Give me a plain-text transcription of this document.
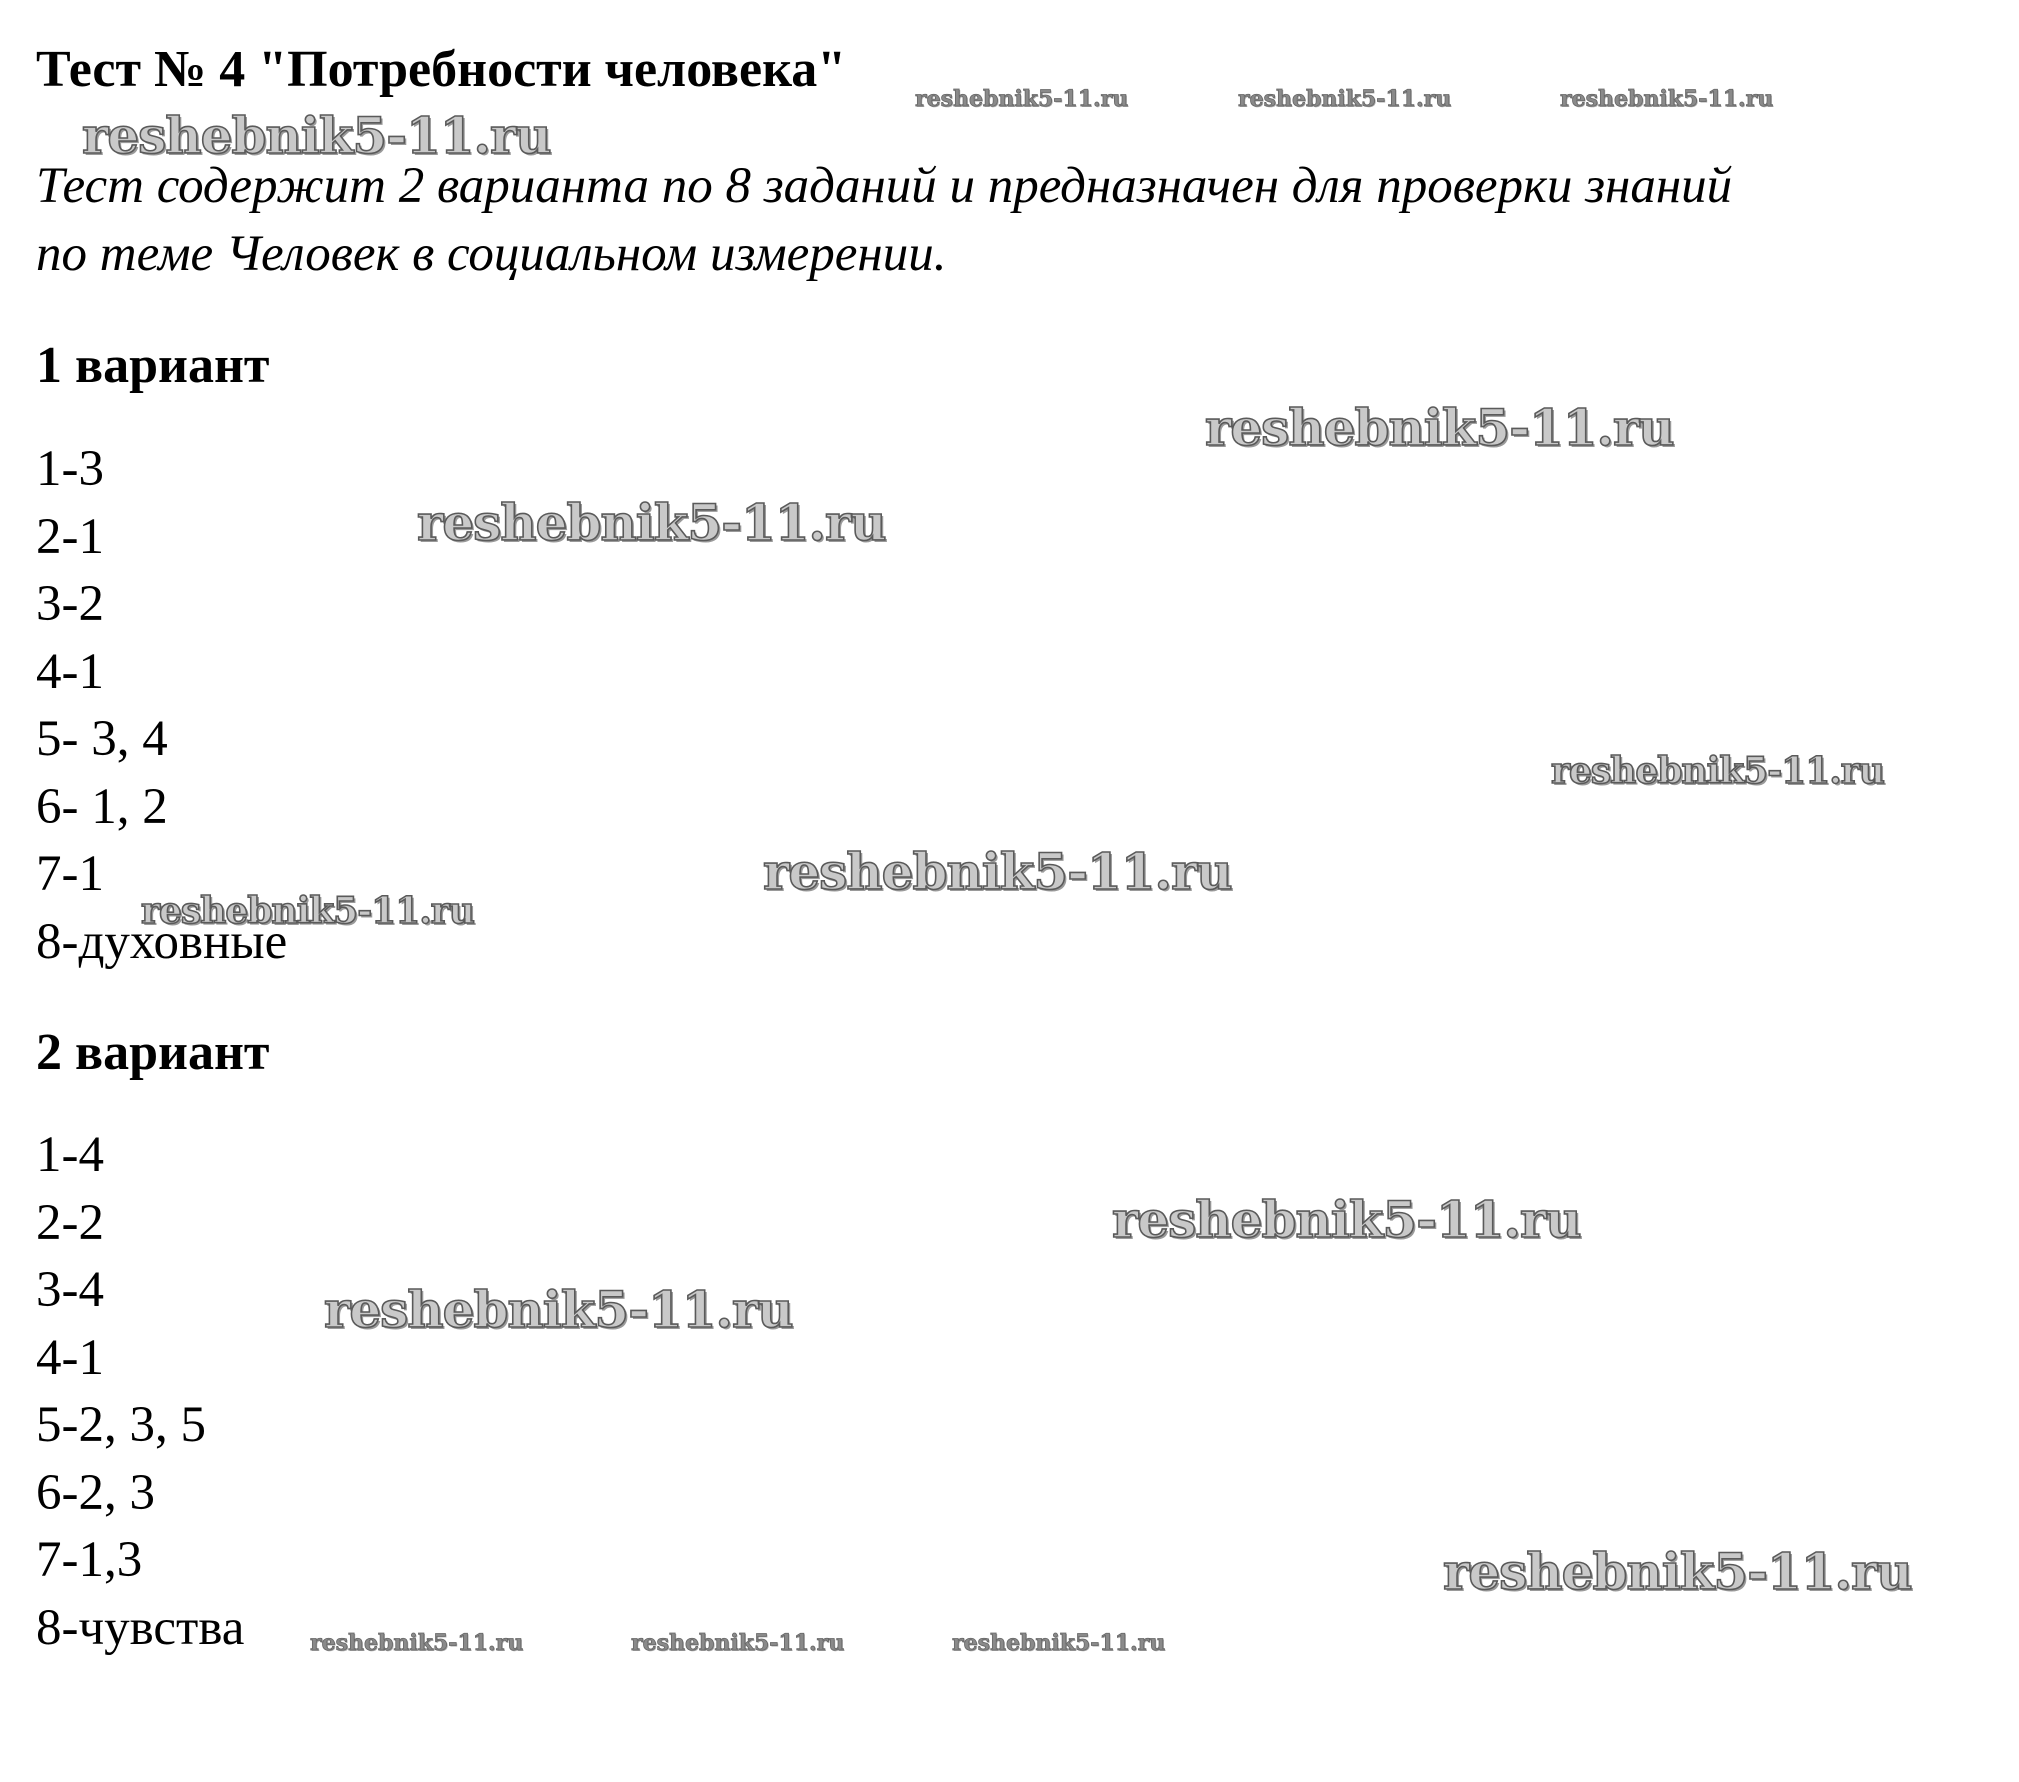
Тест № 4 "Потребности человека"
Тест содержит 2 варианта по 8 заданий и предназначен для проверки знаний
по теме Человек в социальном измерении.
1 вариант
1-3
2-1
3-2
4-1
5- 3, 4
6- 1, 2
7-1
8-духовные
2 вариант
1-4
2-2
3-4
4-1
5-2, 3, 5
6-2, 3
7-1,3
8-чувства
reshebnik5-11.ru
reshebnik5-11.ru	reshebnik5-11.ru	reshebnik5-11.ru
reshebnik5-11.ru
reshebnik5-11.ru
reshebnik5-11.ru
reshebnik5-11.ru
reshebnik5-11.ru
reshebnik5-11.ru
reshebnik5-11.ru
reshebnik5-11.ru
reshebnik5-11.ru	reshebnik5-11.ru	reshebnik5-11.ru
